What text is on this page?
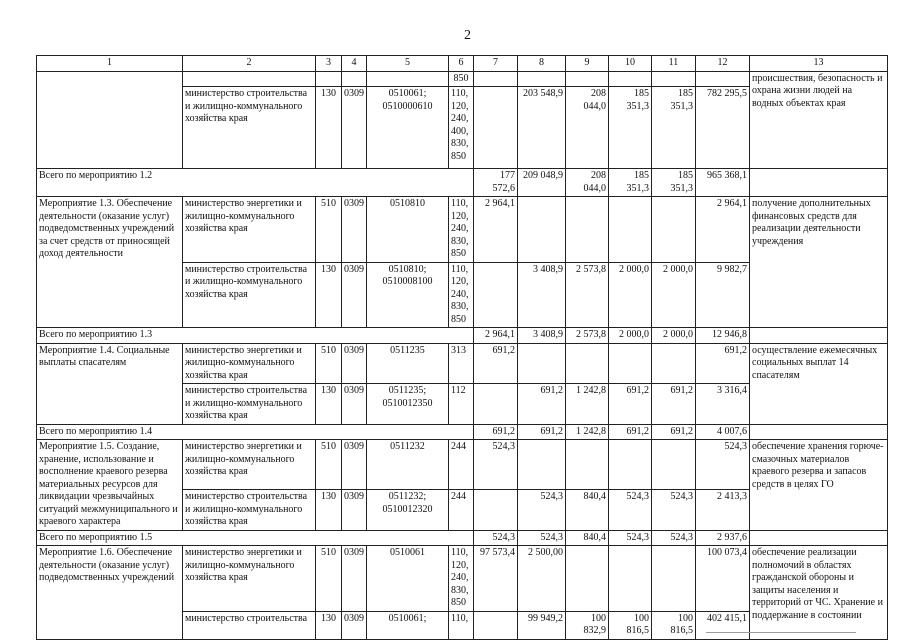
2
1	2	3	4	5	6	7	8	9	10	11	12	13
					850							происшествия, безопасность и охрана жизни людей на водных объектах края
	министерство строительства и жилищно-коммунального хозяйства края	130	0309	0510061; 0510000610	110, 120, 240, 400, 830, 850		203 548,9	208 044,0	185 351,3	185 351,3	782 295,5	
Всего по мероприятию 1.2						177 572,6	209 048,9	208 044,0	185 351,3	185 351,3	965 368,1	
Мероприятие 1.3. Обеспечение деятельности (оказание услуг) подведомственных учреждений за счет средств от приносящей доход деятельности	министерство энергетики и жилищно-коммунального хозяйства края	510	0309	0510810	110, 120, 240, 830, 850	2 964,1					2 964,1	получение дополнительных финансовых средств для реализации деятельности учреждения
	министерство строительства и жилищно-коммунального хозяйства края	130	0309	0510810; 0510008100	110, 120, 240, 830, 850		3 408,9	2 573,8	2 000,0	2 000,0	9 982,7	
Всего по мероприятию 1.3						2 964,1	3 408,9	2 573,8	2 000,0	2 000,0	12 946,8	
Мероприятие 1.4. Социальные выплаты спасателям	министерство энергетики и жилищно-коммунального хозяйства края	510	0309	0511235	313	691,2					691,2	осуществление ежемесячных социальных выплат 14 спасателям
	министерство строительства и жилищно-коммунального хозяйства края	130	0309	0511235; 0510012350	112		691,2	1 242,8	691,2	691,2	3 316,4	
Всего по мероприятию 1.4						691,2	691,2	1 242,8	691,2	691,2	4 007,6	
Мероприятие 1.5. Создание, хранение, использование и восполнение краевого резерва материальных ресурсов для ликвидации чрезвычайных ситуаций межмуниципального и краевого характера	министерство энергетики и жилищно-коммунального хозяйства края	510	0309	0511232	244	524,3					524,3	обеспечение хранения горюче-смазочных материалов краевого резерва и запасов средств в целях ГО
	министерство строительства и жилищно-коммунального хозяйства края	130	0309	0511232; 0510012320	244		524,3	840,4	524,3	524,3	2 413,3	
Всего по мероприятию 1.5						524,3	524,3	840,4	524,3	524,3	2 937,6	
Мероприятие 1.6. Обеспечение деятельности (оказание услуг) подведомственных учреждений	министерство энергетики и жилищно-коммунального хозяйства края	510	0309	0510061	110, 120, 240, 830, 850	97 573,4	2 500,00				100 073,4	обеспечение реализации полномочий в областях гражданской обороны и защиты населения и территорий от ЧС. Хранение и поддержание в состоянии
	министерство строительства	130	0309	0510061;	110,		99 949,2	100 832,9	100 816,5	100 816,5	402 415,1	
